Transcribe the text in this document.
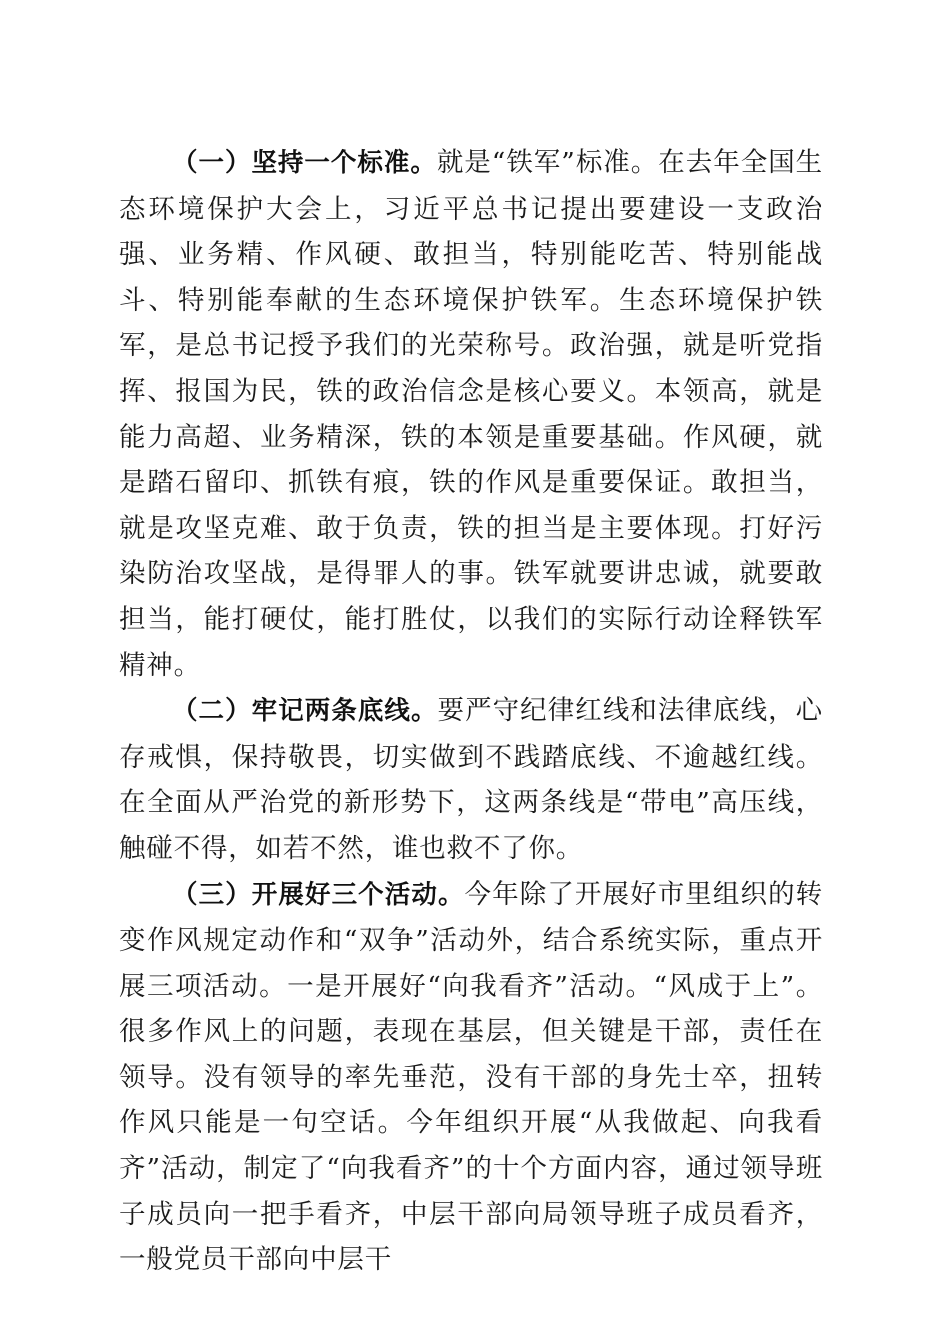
（一）坚持一个标准。就是“铁军”标准。在去年全国生态环境保护大会上，习近平总书记提出要建设一支政治强、业务精、作风硬、敢担当，特别能吃苦、特别能战斗、特别能奉献的生态环境保护铁军。生态环境保护铁军，是总书记授予我们的光荣称号。政治强，就是听党指挥、报国为民，铁的政治信念是核心要义。本领高，就是能力高超、业务精深，铁的本领是重要基础。作风硬，就是踏石留印、抓铁有痕，铁的作风是重要保证。敢担当，就是攻坚克难、敢于负责，铁的担当是主要体现。打好污染防治攻坚战，是得罪人的事。铁军就要讲忠诚，就要敢担当，能打硬仗，能打胜仗，以我们的实际行动诠释铁军精神。

（二）牢记两条底线。要严守纪律红线和法律底线，心存戒惧，保持敬畏，切实做到不践踏底线、不逾越红线。在全面从严治党的新形势下，这两条线是“带电”高压线，触碰不得，如若不然，谁也救不了你。

（三）开展好三个活动。今年除了开展好市里组织的转变作风规定动作和“双争”活动外，结合系统实际，重点开展三项活动。一是开展好“向我看齐”活动。“风成于上”。很多作风上的问题，表现在基层，但关键是干部，责任在领导。没有领导的率先垂范，没有干部的身先士卒，扭转作风只能是一句空话。今年组织开展“从我做起、向我看齐”活动，制定了“向我看齐”的十个方面内容，通过领导班子成员向一把手看齐，中层干部向局领导班子成员看齐，一般党员干部向中层干
